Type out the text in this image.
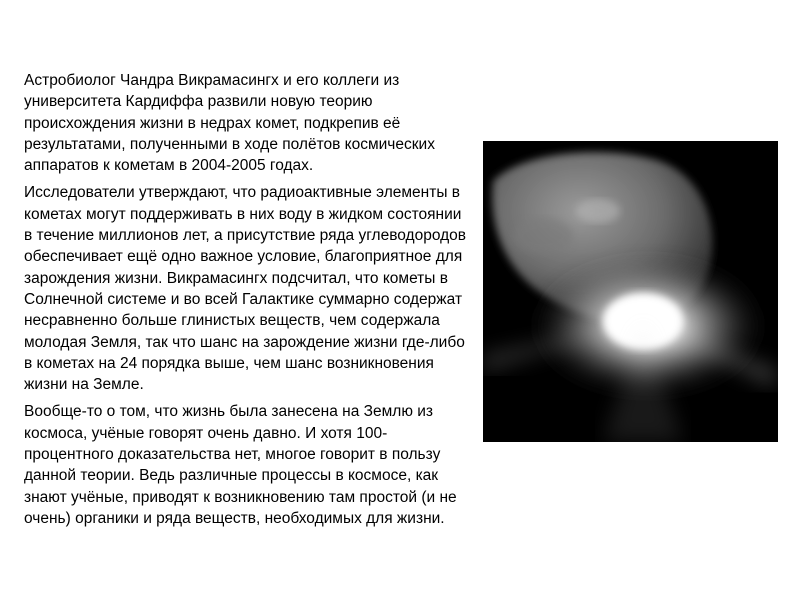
Астробиолог Чандра Викрамасингх и его коллеги из университета Кардиффа развили новую теорию происхождения жизни в недрах комет, подкрепив её результатами, полученными в ходе полётов космических аппаратов к кометам в 2004-2005 годах.

Исследователи утверждают, что радиоактивные элементы в кометах могут поддерживать в них воду в жидком состоянии в течение миллионов лет, а присутствие ряда углеводородов обеспечивает ещё одно важное условие, благоприятное для зарождения жизни. Викрамасингх подсчитал, что кометы в Солнечной системе и во всей Галактике суммарно содержат несравненно больше глинистых веществ, чем содержала молодая Земля, так что шанс на зарождение жизни где-либо в кометах на 24 порядка выше, чем шанс возникновения жизни на Земле.

Вообще-то о том, что жизнь была занесена на Землю из космоса, учёные говорят очень давно. И хотя 100-процентного доказательства нет, многое говорит в пользу данной теории. Ведь различные процессы в космосе, как знают учёные, приводят к возникновению там простой (и не очень) органики и ряда веществ, необходимых для жизни.
